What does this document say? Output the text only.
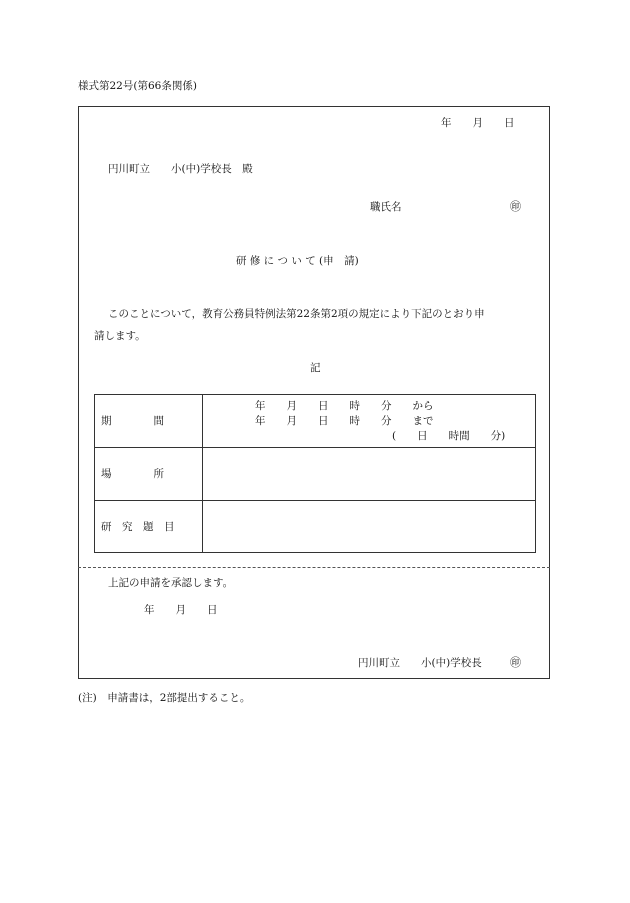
様式第22号(第66条関係)
年　　月　　日
円川町立　　小(中)学校長　殿
職氏名	㊞
研 修 に つ い て (申　請)
このことについて，教育公務員特例法第22条第2項の規定により下記のとおり申
請します。
記
期　　　　間
年　　月　　日　　時　　分　　から
年　　月　　日　　時　　分　　まで
(　　日　　時間　　分)
場　　　　所
研　究　題　目
上記の申請を承認します。
年　　月　　日
円川町立　　小(中)学校長	㊞
(注)　申請書は，2部提出すること。
